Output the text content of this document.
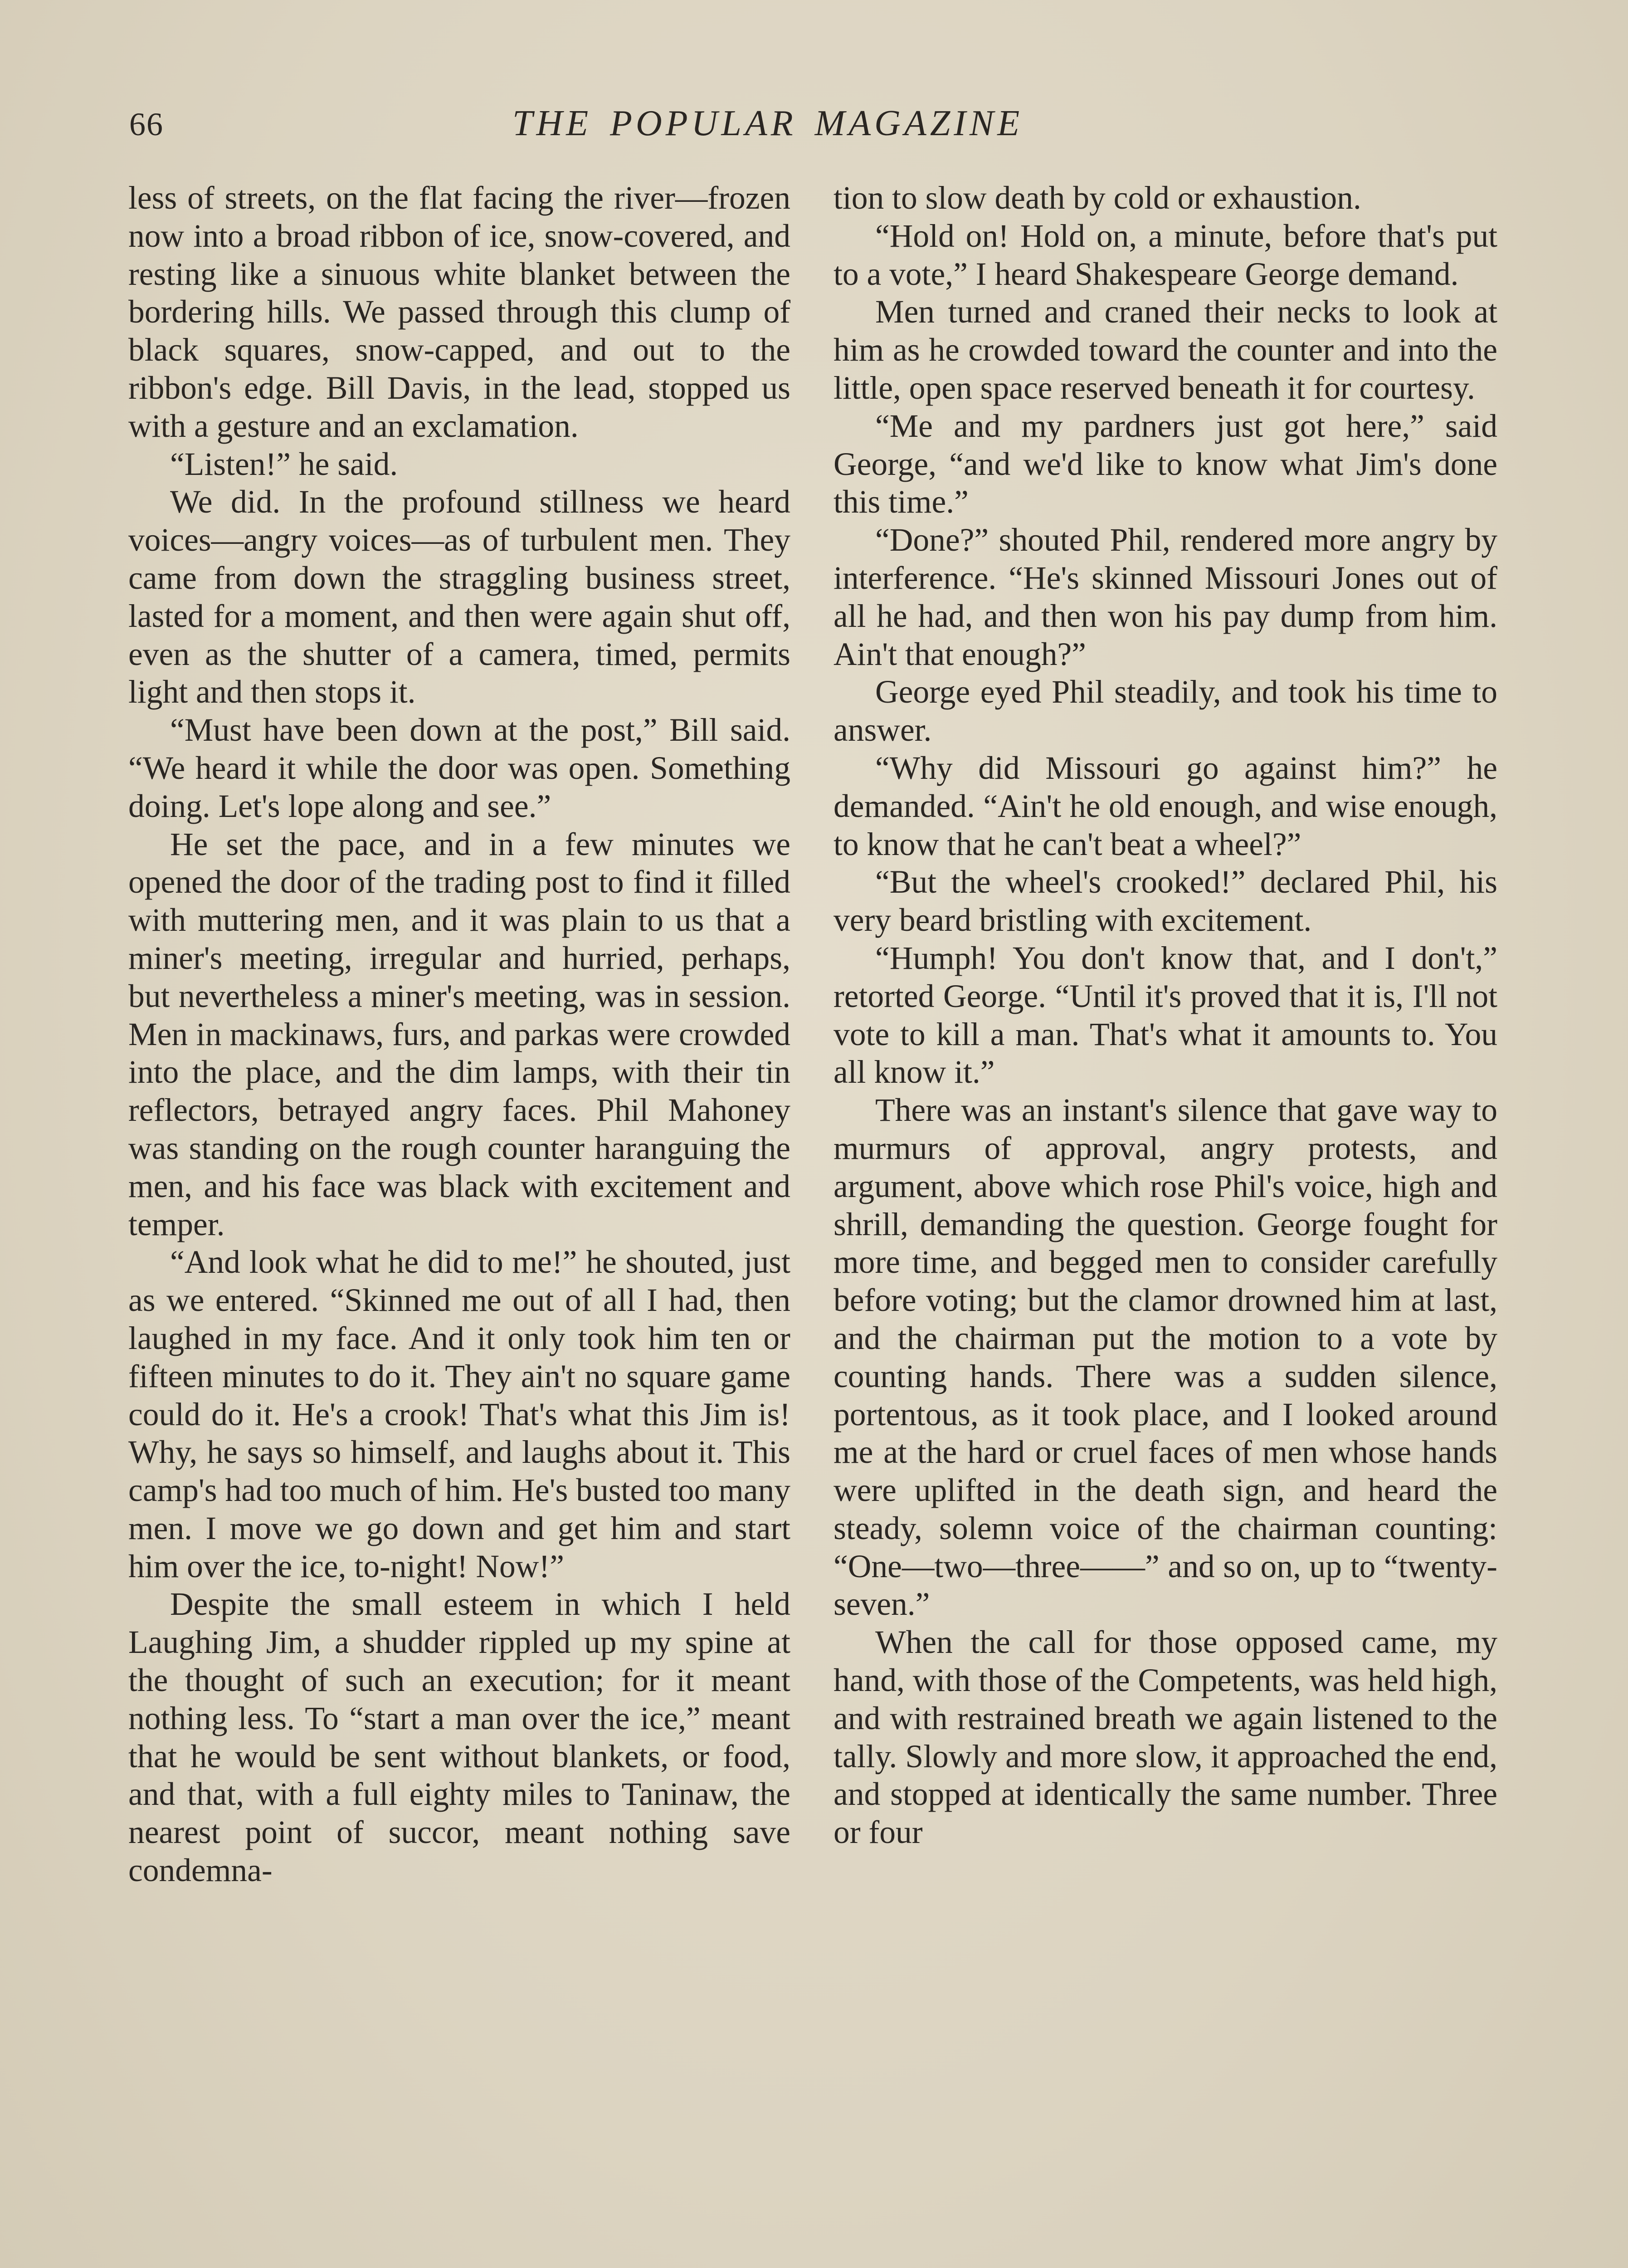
66	THE POPULAR MAGAZINE

less of streets, on the flat facing the river—frozen now into a broad ribbon of ice, snow-covered, and resting like a sinuous white blanket between the bordering hills. We passed through this clump of black squares, snow-capped, and out to the ribbon's edge. Bill Davis, in the lead, stopped us with a gesture and an exclamation.

“Listen!” he said.

We did. In the profound stillness we heard voices—angry voices—as of turbulent men. They came from down the straggling business street, lasted for a moment, and then were again shut off, even as the shutter of a camera, timed, permits light and then stops it.

“Must have been down at the post,” Bill said. “We heard it while the door was open. Something doing. Let's lope along and see.”

He set the pace, and in a few minutes we opened the door of the trading post to find it filled with muttering men, and it was plain to us that a miner's meeting, irregular and hurried, perhaps, but nevertheless a miner's meeting, was in session. Men in mackinaws, furs, and parkas were crowded into the place, and the dim lamps, with their tin reflectors, betrayed angry faces. Phil Mahoney was standing on the rough counter haranguing the men, and his face was black with excitement and temper.

“And look what he did to me!” he shouted, just as we entered. “Skinned me out of all I had, then laughed in my face. And it only took him ten or fifteen minutes to do it. They ain't no square game could do it. He's a crook! That's what this Jim is! Why, he says so himself, and laughs about it. This camp's had too much of him. He's busted too many men. I move we go down and get him and start him over the ice, to-night! Now!”

Despite the small esteem in which I held Laughing Jim, a shudder rippled up my spine at the thought of such an execution; for it meant nothing less. To “start a man over the ice,” meant that he would be sent without blankets, or food, and that, with a full eighty miles to Taninaw, the nearest point of succor, meant nothing save condemna-

tion to slow death by cold or exhaustion.

“Hold on! Hold on, a minute, before that's put to a vote,” I heard Shakespeare George demand.

Men turned and craned their necks to look at him as he crowded toward the counter and into the little, open space reserved beneath it for courtesy.

“Me and my pardners just got here,” said George, “and we'd like to know what Jim's done this time.”

“Done?” shouted Phil, rendered more angry by interference. “He's skinned Missouri Jones out of all he had, and then won his pay dump from him. Ain't that enough?”

George eyed Phil steadily, and took his time to answer.

“Why did Missouri go against him?” he demanded. “Ain't he old enough, and wise enough, to know that he can't beat a wheel?”

“But the wheel's crooked!” declared Phil, his very beard bristling with excitement.

“Humph! You don't know that, and I don't,” retorted George. “Until it's proved that it is, I'll not vote to kill a man. That's what it amounts to. You all know it.”

There was an instant's silence that gave way to murmurs of approval, angry protests, and argument, above which rose Phil's voice, high and shrill, demanding the question. George fought for more time, and begged men to consider carefully before voting; but the clamor drowned him at last, and the chairman put the motion to a vote by counting hands. There was a sudden silence, portentous, as it took place, and I looked around me at the hard or cruel faces of men whose hands were uplifted in the death sign, and heard the steady, solemn voice of the chairman counting: “One—two—three——” and so on, up to “twenty-seven.”

When the call for those opposed came, my hand, with those of the Competents, was held high, and with restrained breath we again listened to the tally. Slowly and more slow, it approached the end, and stopped at identically the same number. Three or four
